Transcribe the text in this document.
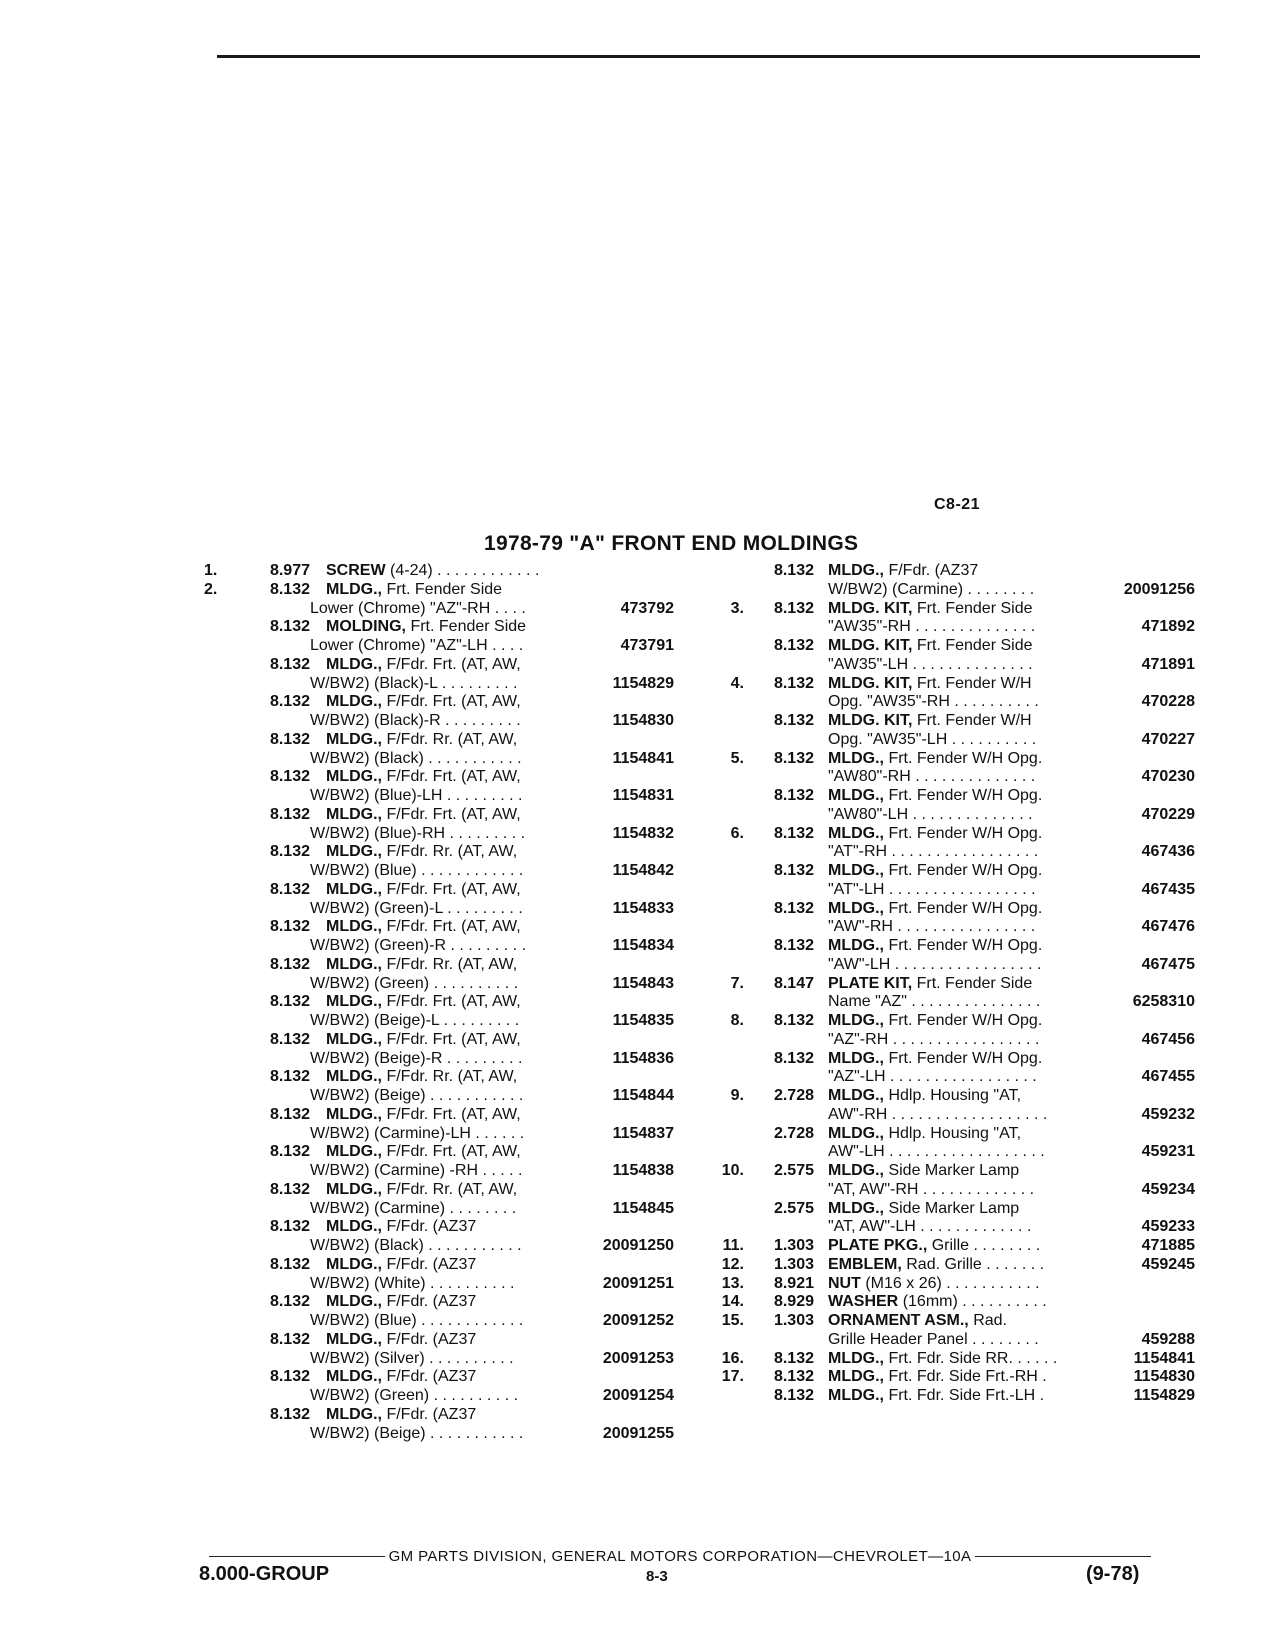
C8-21
1978-79 "A" FRONT END MOLDINGS
1.	8.977	SCREW (4-24) . . . . . . . . . . . .
2.	8.132	MLDG., Frt. Fender Side
Lower (Chrome) "AZ"-RH . . . .	473792
8.132	MOLDING, Frt. Fender Side
Lower (Chrome) "AZ"-LH . . . .	473791
8.132	MLDG., F/Fdr. Frt. (AT, AW,
W/BW2) (Black)-L . . . . . . . . .	1154829
8.132	MLDG., F/Fdr. Frt. (AT, AW,
W/BW2) (Black)-R . . . . . . . . .	1154830
8.132	MLDG., F/Fdr. Rr. (AT, AW,
W/BW2) (Black) . . . . . . . . . . .	1154841
8.132	MLDG., F/Fdr. Frt. (AT, AW,
W/BW2) (Blue)-LH . . . . . . . . .	1154831
8.132	MLDG., F/Fdr. Frt. (AT, AW,
W/BW2) (Blue)-RH . . . . . . . . .	1154832
8.132	MLDG., F/Fdr. Rr. (AT, AW,
W/BW2) (Blue) . . . . . . . . . . . .	1154842
8.132	MLDG., F/Fdr. Frt. (AT, AW,
W/BW2) (Green)-L . . . . . . . . .	1154833
8.132	MLDG., F/Fdr. Frt. (AT, AW,
W/BW2) (Green)-R . . . . . . . . .	1154834
8.132	MLDG., F/Fdr. Rr. (AT, AW,
W/BW2) (Green) . . . . . . . . . .	1154843
8.132	MLDG., F/Fdr. Frt. (AT, AW,
W/BW2) (Beige)-L . . . . . . . . .	1154835
8.132	MLDG., F/Fdr. Frt. (AT, AW,
W/BW2) (Beige)-R . . . . . . . . .	1154836
8.132	MLDG., F/Fdr. Rr. (AT, AW,
W/BW2) (Beige) . . . . . . . . . . .	1154844
8.132	MLDG., F/Fdr. Frt. (AT, AW,
W/BW2) (Carmine)-LH . . . . . .	1154837
8.132	MLDG., F/Fdr. Frt. (AT, AW,
W/BW2) (Carmine) -RH . . . . .	1154838
8.132	MLDG., F/Fdr. Rr. (AT, AW,
W/BW2) (Carmine) . . . . . . . .	1154845
8.132	MLDG., F/Fdr. (AZ37
W/BW2) (Black) . . . . . . . . . . .	20091250
8.132	MLDG., F/Fdr. (AZ37
W/BW2) (White) . . . . . . . . . .	20091251
8.132	MLDG., F/Fdr. (AZ37
W/BW2) (Blue) . . . . . . . . . . . .	20091252
8.132	MLDG., F/Fdr. (AZ37
W/BW2) (Silver) . . . . . . . . . .	20091253
8.132	MLDG., F/Fdr. (AZ37
W/BW2) (Green) . . . . . . . . . .	20091254
8.132	MLDG., F/Fdr. (AZ37
W/BW2) (Beige) . . . . . . . . . . .	20091255
8.132 MLDG., F/Fdr. (AZ37
W/BW2) (Carmine) . . . . . . . .	20091256
3.	8.132 MLDG. KIT, Frt. Fender Side
"AW35"-RH . . . . . . . . . . . . . .	471892
8.132 MLDG. KIT, Frt. Fender Side
"AW35"-LH . . . . . . . . . . . . . .	471891
4.	8.132 MLDG. KIT, Frt. Fender W/H
Opg. "AW35"-RH . . . . . . . . . .	470228
8.132 MLDG. KIT, Frt. Fender W/H
Opg. "AW35"-LH . . . . . . . . . .	470227
5.	8.132 MLDG., Frt. Fender W/H Opg.
"AW80"-RH . . . . . . . . . . . . . .	470230
8.132 MLDG., Frt. Fender W/H Opg.
"AW80"-LH . . . . . . . . . . . . . .	470229
6.	8.132 MLDG., Frt. Fender W/H Opg.
"AT"-RH . . . . . . . . . . . . . . . . .	467436
8.132 MLDG., Frt. Fender W/H Opg.
"AT"-LH . . . . . . . . . . . . . . . . .	467435
8.132 MLDG., Frt. Fender W/H Opg.
"AW"-RH . . . . . . . . . . . . . . . .	467476
8.132 MLDG., Frt. Fender W/H Opg.
"AW"-LH . . . . . . . . . . . . . . . . .	467475
7.	8.147 PLATE KIT, Frt. Fender Side
Name "AZ" . . . . . . . . . . . . . . .	6258310
8.	8.132 MLDG., Frt. Fender W/H Opg.
"AZ"-RH . . . . . . . . . . . . . . . . .	467456
8.132 MLDG., Frt. Fender W/H Opg.
"AZ"-LH . . . . . . . . . . . . . . . . .	467455
9.	2.728 MLDG., Hdlp. Housing "AT,
AW"-RH . . . . . . . . . . . . . . . . . .	459232
2.728 MLDG., Hdlp. Housing "AT,
AW"-LH . . . . . . . . . . . . . . . . . .	459231
10.	2.575 MLDG., Side Marker Lamp
"AT, AW"-RH . . . . . . . . . . . . .	459234
2.575 MLDG., Side Marker Lamp
"AT, AW"-LH . . . . . . . . . . . . .	459233
11.	1.303 PLATE PKG., Grille . . . . . . . .	471885
12.	1.303 EMBLEM, Rad. Grille . . . . . . .	459245
13.	8.921 NUT (M16 x 26) . . . . . . . . . . .
14.	8.929 WASHER (16mm) . . . . . . . . . .
15.	1.303 ORNAMENT ASM., Rad.
Grille Header Panel . . . . . . . .	459288
16.	8.132 MLDG., Frt. Fdr. Side RR. . . . . .	1154841
17.	8.132 MLDG., Frt. Fdr. Side Frt.-RH .	1154830
8.132 MLDG., Frt. Fdr. Side Frt.-LH .	1154829
GM PARTS DIVISION, GENERAL MOTORS CORPORATION—CHEVROLET—10A
8.000-GROUP	8-3	(9-78)
